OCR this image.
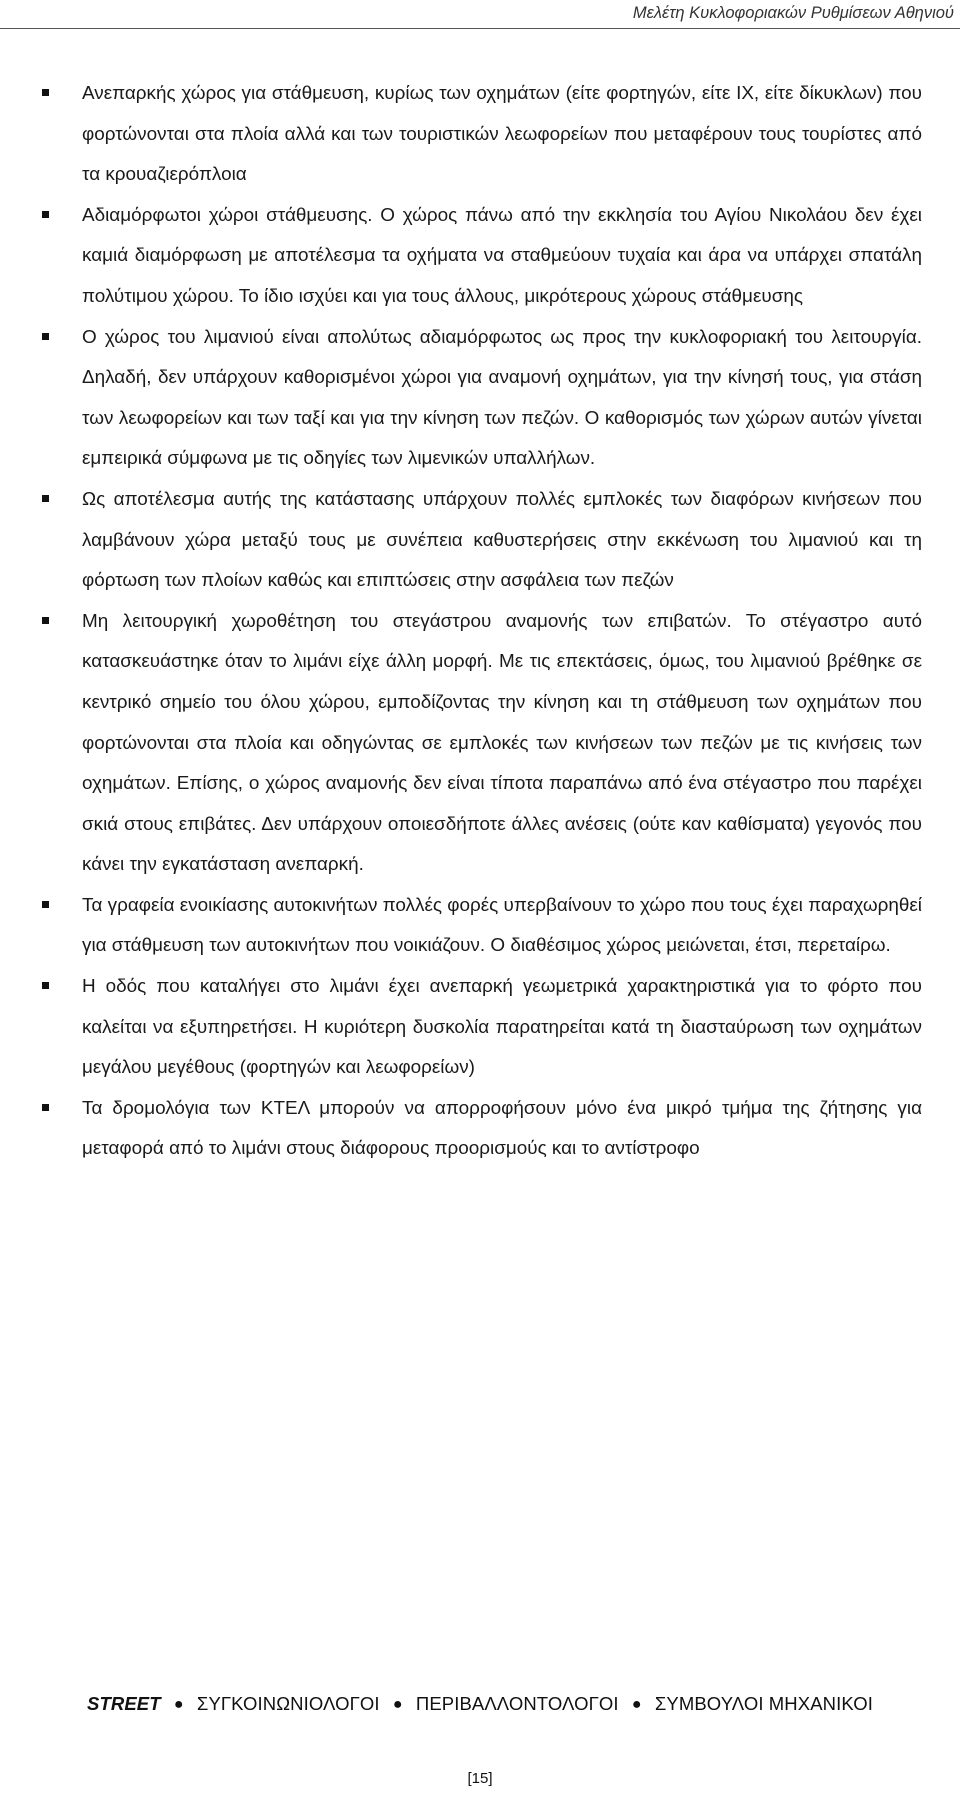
Μελέτη Κυκλοφοριακών Ρυθμίσεων Αθηνιού

Ανεπαρκής χώρος για στάθμευση, κυρίως των οχημάτων (είτε φορτηγών, είτε ΙΧ, είτε δίκυκλων) που φορτώνονται στα πλοία αλλά και των τουριστικών λεωφορείων που μεταφέρουν τους τουρίστες από τα κρουαζιερόπλοια

Αδιαμόρφωτοι χώροι στάθμευσης. Ο χώρος πάνω από την εκκλησία του Αγίου Νικολάου δεν έχει καμιά διαμόρφωση με αποτέλεσμα τα οχήματα να σταθμεύουν τυχαία και άρα να υπάρχει σπατάλη πολύτιμου χώρου. Το ίδιο ισχύει και για τους άλλους, μικρότερους χώρους στάθμευσης

Ο χώρος του λιμανιού είναι απολύτως αδιαμόρφωτος ως προς την κυκλοφοριακή του λειτουργία. Δηλαδή, δεν υπάρχουν καθορισμένοι χώροι για αναμονή οχημάτων, για την κίνησή τους, για στάση των λεωφορείων και των ταξί και για την κίνηση των πεζών. Ο καθορισμός των χώρων αυτών γίνεται εμπειρικά σύμφωνα με τις οδηγίες των λιμενικών υπαλλήλων.

Ως αποτέλεσμα αυτής της κατάστασης υπάρχουν πολλές εμπλοκές των διαφόρων κινήσεων που λαμβάνουν χώρα μεταξύ τους με συνέπεια καθυστερήσεις στην εκκένωση του λιμανιού και τη φόρτωση των πλοίων καθώς και επιπτώσεις στην ασφάλεια των πεζών

Μη λειτουργική χωροθέτηση του στεγάστρου αναμονής των επιβατών. Το στέγαστρο αυτό κατασκευάστηκε όταν το λιμάνι είχε άλλη μορφή. Με τις επεκτάσεις, όμως, του λιμανιού βρέθηκε σε κεντρικό σημείο του όλου χώρου, εμποδίζοντας την κίνηση και τη στάθμευση των οχημάτων που φορτώνονται στα πλοία και οδηγώντας σε εμπλοκές των κινήσεων των πεζών με τις κινήσεις των οχημάτων. Επίσης, ο χώρος αναμονής δεν είναι τίποτα παραπάνω από ένα στέγαστρο που παρέχει σκιά στους επιβάτες. Δεν υπάρχουν οποιεσδήποτε άλλες ανέσεις (ούτε καν καθίσματα) γεγονός που κάνει την εγκατάσταση ανεπαρκή.

Τα γραφεία ενοικίασης αυτοκινήτων πολλές φορές υπερβαίνουν το χώρο που τους έχει παραχωρηθεί για στάθμευση των αυτοκινήτων που νοικιάζουν. Ο διαθέσιμος χώρος μειώνεται, έτσι, περεταίρω.

Η οδός που καταλήγει στο λιμάνι έχει ανεπαρκή γεωμετρικά χαρακτηριστικά για το φόρτο που καλείται να εξυπηρετήσει. Η κυριότερη δυσκολία παρατηρείται κατά τη διασταύρωση των οχημάτων μεγάλου μεγέθους (φορτηγών και λεωφορείων)

Τα δρομολόγια των ΚΤΕΛ μπορούν να απορροφήσουν μόνο ένα μικρό τμήμα της ζήτησης για μεταφορά από το λιμάνι στους διάφορους προορισμούς και το αντίστροφο

STREET ● ΣΥΓΚΟΙΝΩΝΙΟΛΟΓΟΙ ● ΠΕΡΙΒΑΛΛΟΝΤΟΛΟΓΟΙ ● ΣΥΜΒΟΥΛΟΙ ΜΗΧΑΝΙΚΟΙ
[15]
